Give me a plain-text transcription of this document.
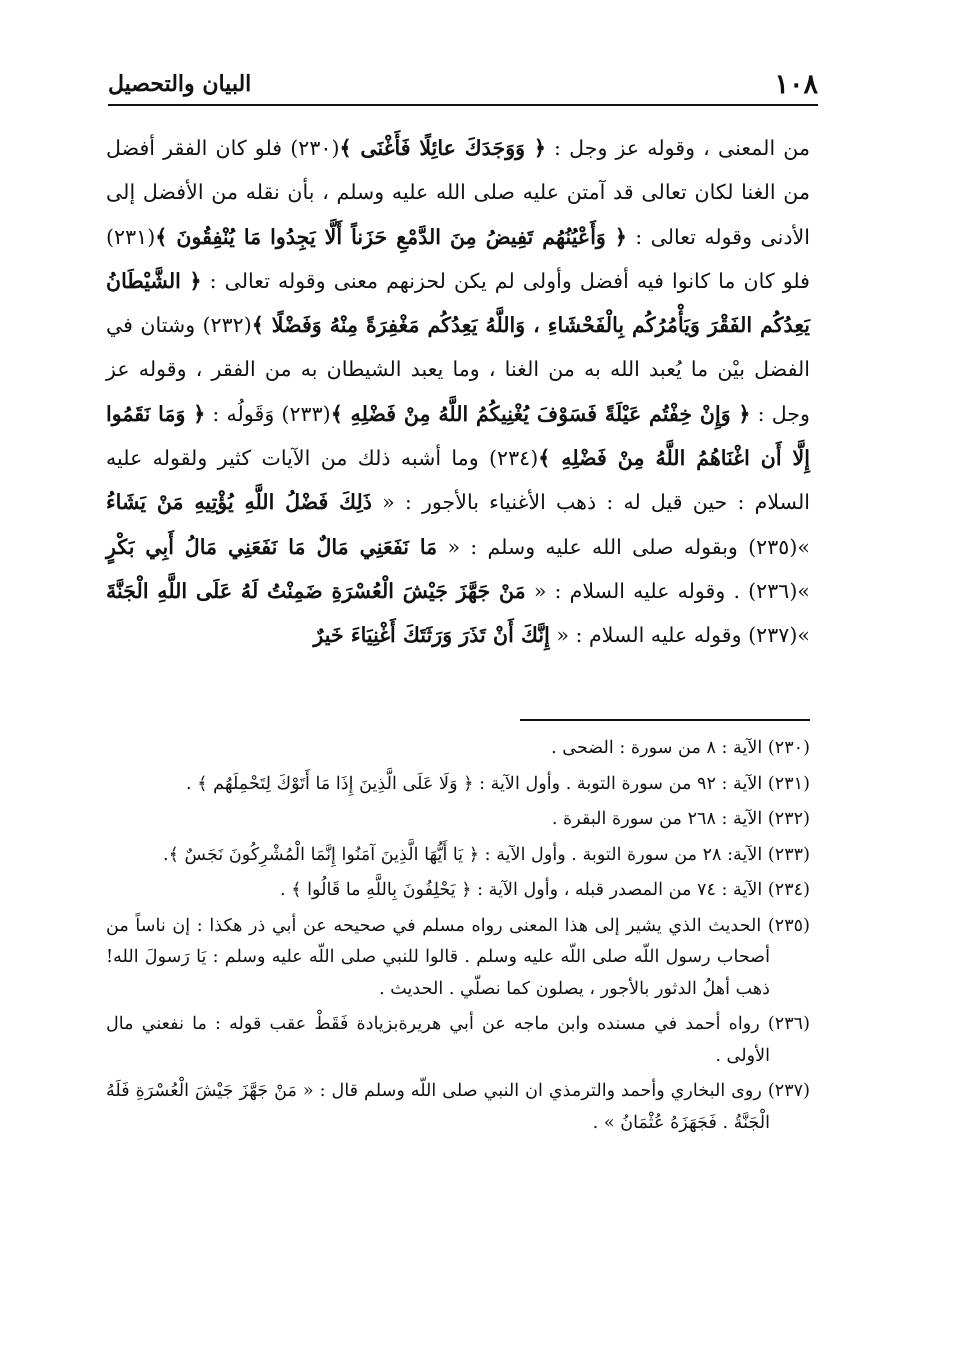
١٠٨
البيان والتحصيل

من المعنى ، وقوله عز وجل : ﴿ وَوَجَدَكَ عائِلًا فَأَغْنَى ﴾(٢٣٠) فلو كان الفقر أفضل من الغنا لكان تعالى قد آمتن عليه صلى الله عليه وسلم ، بأن نقله من الأفضل إلى الأدنى وقوله تعالى : ﴿ وَأَعْيُنُهُم تَفِيضُ مِنَ الدَّمْعِ حَزَناً أَلَّا يَجِدُوا مَا يُنْفِقُونَ ﴾(٢٣١) فلو كان ما كانوا فيه أفضل وأولى لم يكن لحزنهم معنى وقوله تعالى : ﴿ الشَّيْطَانُ يَعِدُكُم الفَقْرَ وَيَأْمُرُكُم بِالْفَحْشَاءِ ، وَاللَّهُ يَعِدُكُم مَغْفِرَةً مِنْهُ وَفَضْلًا ﴾(٢٣٢) وشتان في الفضل بيْن ما يُعبد الله به من الغنا ، وما يعبد الشيطان به من الفقر ، وقوله عز وجل : ﴿ وَإِنْ خِفْتُم عَيْلَةً فَسَوْفَ يُغْنِيكُمُ اللَّهُ مِنْ فَضْلِهِ ﴾(٢٣٣) وَقَولُه : ﴿ وَمَا نَقَمُوا إِلَّا أَن اغْنَاهُمُ اللَّهُ مِنْ فَضْلِهِ ﴾(٢٣٤) وما أشبه ذلك من الآيات كثير ولقوله عليه السلام : حين قيل له : ذهب الأغنياء بالأجور : « ذَلِكَ فَضْلُ اللَّهِ يُؤْتِيهِ مَنْ يَشَاءُ »(٢٣٥) وبقوله صلى الله عليه وسلم : « مَا نَفَعَنِي مَالٌ مَا نَفَعَنِي مَالُ أَبِي بَكْرٍ »(٢٣٦) . وقوله عليه السلام : « مَنْ جَهَّزَ جَيْشَ الْعُسْرَةِ ضَمِنْتُ لَهُ عَلَى اللَّهِ الْجَنَّةَ »(٢٣٧) وقوله عليه السلام : « إِنَّكَ أَنْ تَذَرَ وَرَثَتَكَ أَغْنِيَاءَ خَيرٌ

(٢٣٠) الآية : ٨ من سورة : الضحى .

(٢٣١) الآية : ٩٢ من سورة التوبة . وأول الآية : ﴿ وَلَا عَلَى الَّذِينَ إِذَا مَا أَتَوْكَ لِتَحْمِلَهُم ﴾ .

(٢٣٢) الآية : ٢٦٨ من سورة البقرة .

(٢٣٣) الآية: ٢٨ من سورة التوبة . وأول الآية : ﴿ يَا أَيُّهَا الَّذِينَ آمَنُوا إِنَّمَا الْمُشْرِكُونَ نَجَسٌ ﴾.

(٢٣٤) الآية : ٧٤ من المصدر قبله ، وأول الآية : ﴿ يَحْلِفُونَ بِاللَّهِ ما قَالُوا ﴾ .

(٢٣٥) الحديث الذي يشير إلى هذا المعنى رواه مسلم في صحيحه عن أبي ذر هكذا : إن ناساً من أصحاب رسول اللّه صلى اللّه عليه وسلم . قالوا للنبي صلى اللّه عليه وسلم : يَا رَسولَ الله! ذهب أهلُ الدثور بالأجور ، يصلون كما نصلّي . الحديث .

(٢٣٦) رواه أحمد في مسنده وابن ماجه عن أبي هريرةبزيادة فَقَطْ عقب قوله : ما نفعني مال الأولى .

(٢٣٧) روى البخاري وأحمد والترمذي ان النبي صلى اللّه وسلم قال : « مَنْ جَهَّزَ جَيْشَ الْعُسْرَةِ فَلَهُ الْجَنَّةُ . فَجَهَزَهُ عُثْمَانُ » .
